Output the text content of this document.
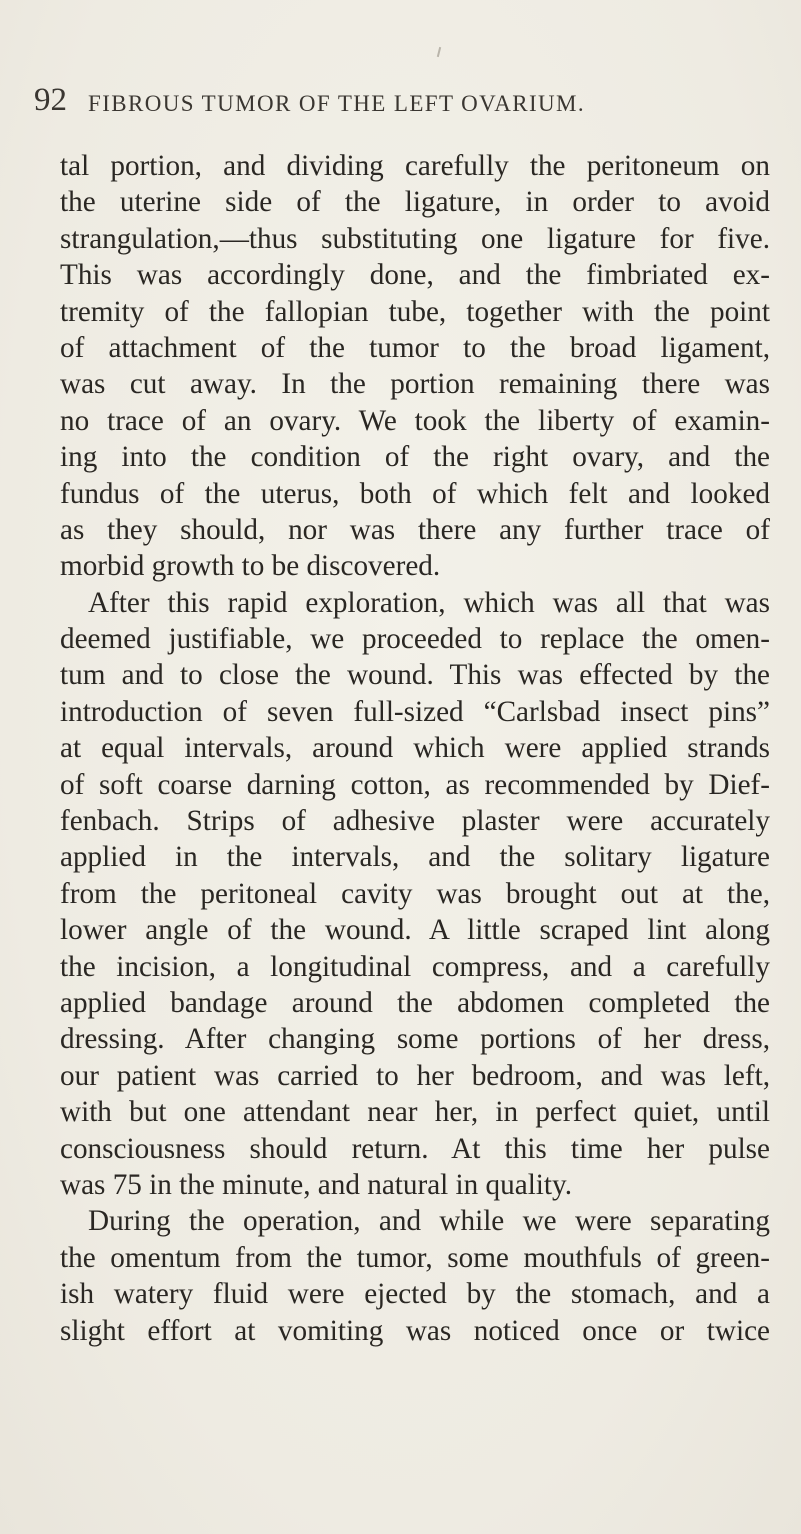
92 FIBROUS TUMOR OF THE LEFT OVARIUM.
tal portion, and dividing carefully the peritoneum on
the uterine side of the ligature, in order to avoid
strangulation,—thus substituting one ligature for five.
This was accordingly done, and the fimbriated ex-
tremity of the fallopian tube, together with the point
of attachment of the tumor to the broad ligament,
was cut away. In the portion remaining there was
no trace of an ovary. We took the liberty of examin-
ing into the condition of the right ovary, and the
fundus of the uterus, both of which felt and looked
as they should, nor was there any further trace of
morbid growth to be discovered.
After this rapid exploration, which was all that was
deemed justifiable, we proceeded to replace the omen-
tum and to close the wound. This was effected by the
introduction of seven full-sized “Carlsbad insect pins”
at equal intervals, around which were applied strands
of soft coarse darning cotton, as recommended by Dief-
fenbach. Strips of adhesive plaster were accurately
applied in the intervals, and the solitary ligature
from the peritoneal cavity was brought out at the,
lower angle of the wound. A little scraped lint along
the incision, a longitudinal compress, and a carefully
applied bandage around the abdomen completed the
dressing. After changing some portions of her dress,
our patient was carried to her bedroom, and was left,
with but one attendant near her, in perfect quiet, until
consciousness should return. At this time her pulse
was 75 in the minute, and natural in quality.
During the operation, and while we were separating
the omentum from the tumor, some mouthfuls of green-
ish watery fluid were ejected by the stomach, and a
slight effort at vomiting was noticed once or twice
